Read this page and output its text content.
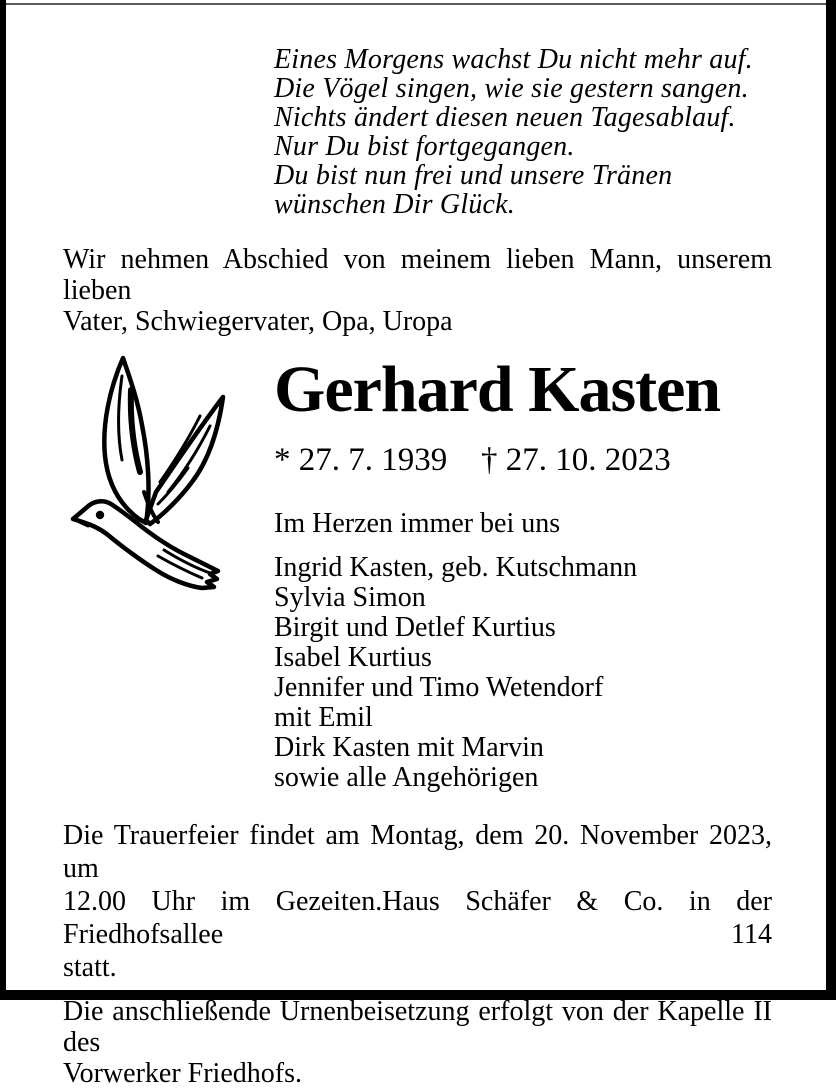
Eines Morgens wachst Du nicht mehr auf.
Die Vögel singen, wie sie gestern sangen.
Nichts ändert diesen neuen Tagesablauf.
Nur Du bist fortgegangen.
Du bist nun frei und unsere Tränen
wünschen Dir Glück.
Wir nehmen Abschied von meinem lieben Mann, unserem lieben
Vater, Schwiegervater, Opa, Uropa
Gerhard Kasten
* 27. 7. 1939	† 27. 10. 2023
Im Herzen immer bei uns
Ingrid Kasten, geb. Kutschmann
Sylvia Simon
Birgit und Detlef Kurtius
Isabel Kurtius
Jennifer und Timo Wetendorf
mit Emil
Dirk Kasten mit Marvin
sowie alle Angehörigen
Die Trauerfeier findet am Montag, dem 20. November 2023, um
12.00 Uhr im Gezeiten.Haus Schäfer & Co. in der Friedhofsallee 114
statt.
Die anschließende Urnenbeisetzung erfolgt von der Kapelle II des
Vorwerker Friedhofs.
